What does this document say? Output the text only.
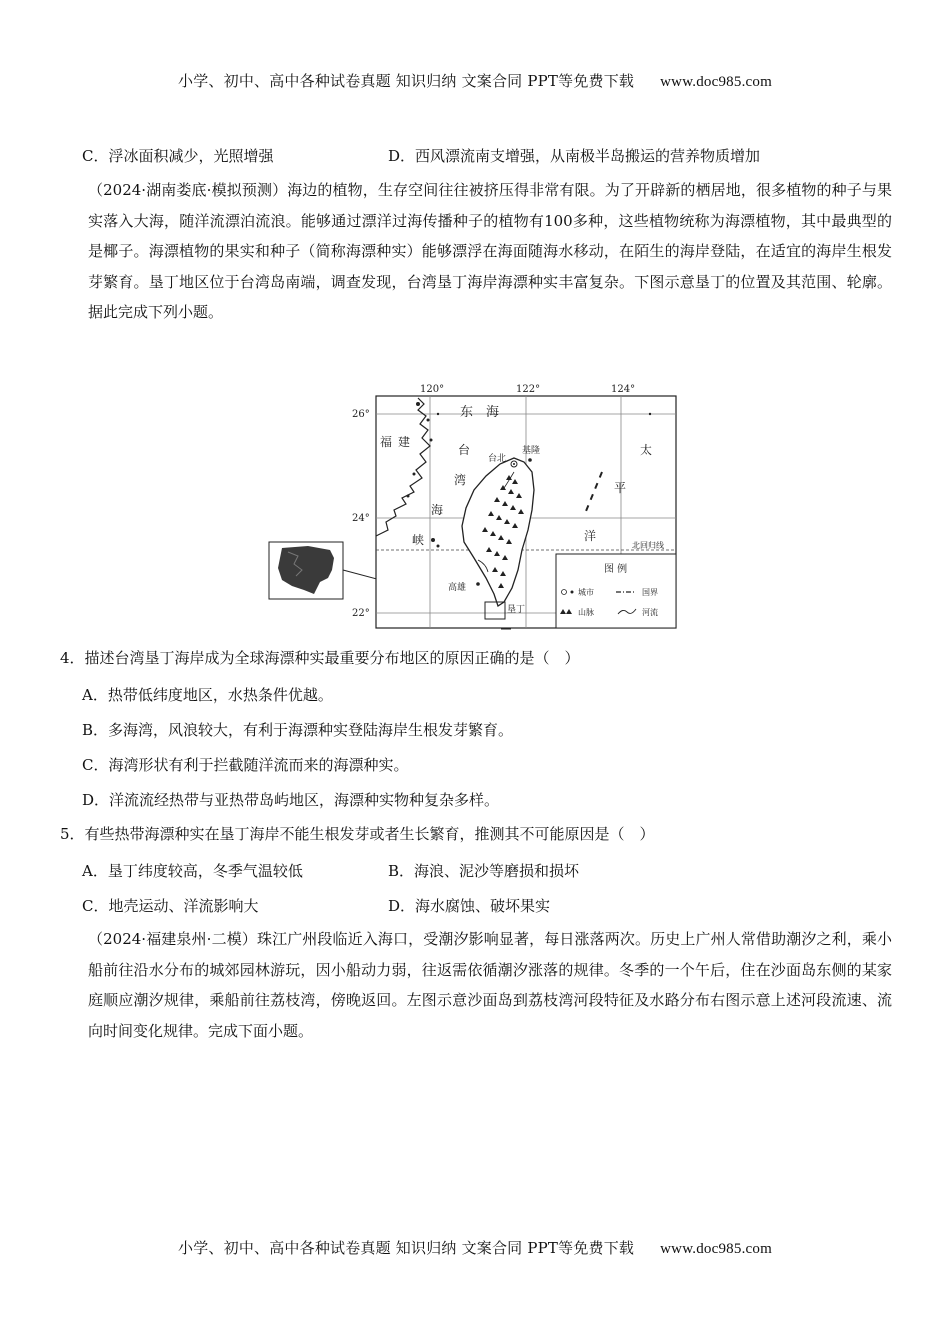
小学、初中、高中各种试卷真题 知识归纳 文案合同 PPT等免费下载 www.doc985.com
C．浮冰面积减少，光照增强	D．西风漂流南支增强，从南极半岛搬运的营养物质增加
（2024·湖南娄底·模拟预测）海边的植物，生存空间往往被挤压得非常有限。为了开辟新的栖居地，很多植物的种子与果实落入大海，随洋流漂泊流浪。能够通过漂洋过海传播种子的植物有100多种，这些植物统称为海漂植物，其中最典型的是椰子。海漂植物的果实和种子（简称海漂种实）能够漂浮在海面随海水移动，在陌生的海岸登陆，在适宜的海岸生根发芽繁育。垦丁地区位于台湾岛南端，调查发现，台湾垦丁海岸海漂种实丰富复杂。下图示意垦丁的位置及其范围、轮廓。据此完成下列小题。
120°	122°	124°
26°
24°
22°
台北
基隆
高雄
垦丁
东　海
福 建
台
湾
海
峡
太
平
洋
北回归线
图 例
城市	国界
山脉	河流
4．描述台湾垦丁海岸成为全球海漂种实最重要分布地区的原因正确的是（　）
A．热带低纬度地区，水热条件优越。
B．多海湾，风浪较大，有利于海漂种实登陆海岸生根发芽繁育。
C．海湾形状有利于拦截随洋流而来的海漂种实。
D．洋流流经热带与亚热带岛屿地区，海漂种实物种复杂多样。
5．有些热带海漂种实在垦丁海岸不能生根发芽或者生长繁育，推测其不可能原因是（　）
A．垦丁纬度较高，冬季气温较低	B．海浪、泥沙等磨损和损坏
C．地壳运动、洋流影响大	D．海水腐蚀、破坏果实
（2024·福建泉州·二模）珠江广州段临近入海口，受潮汐影响显著，每日涨落两次。历史上广州人常借助潮汐之利，乘小船前往沿水分布的城郊园林游玩，因小船动力弱，往返需依循潮汐涨落的规律。冬季的一个午后，住在沙面岛东侧的某家庭顺应潮汐规律，乘船前往荔枝湾，傍晚返回。左图示意沙面岛到荔枝湾河段特征及水路分布右图示意上述河段流速、流向时间变化规律。完成下面小题。
小学、初中、高中各种试卷真题 知识归纳 文案合同 PPT等免费下载 www.doc985.com
